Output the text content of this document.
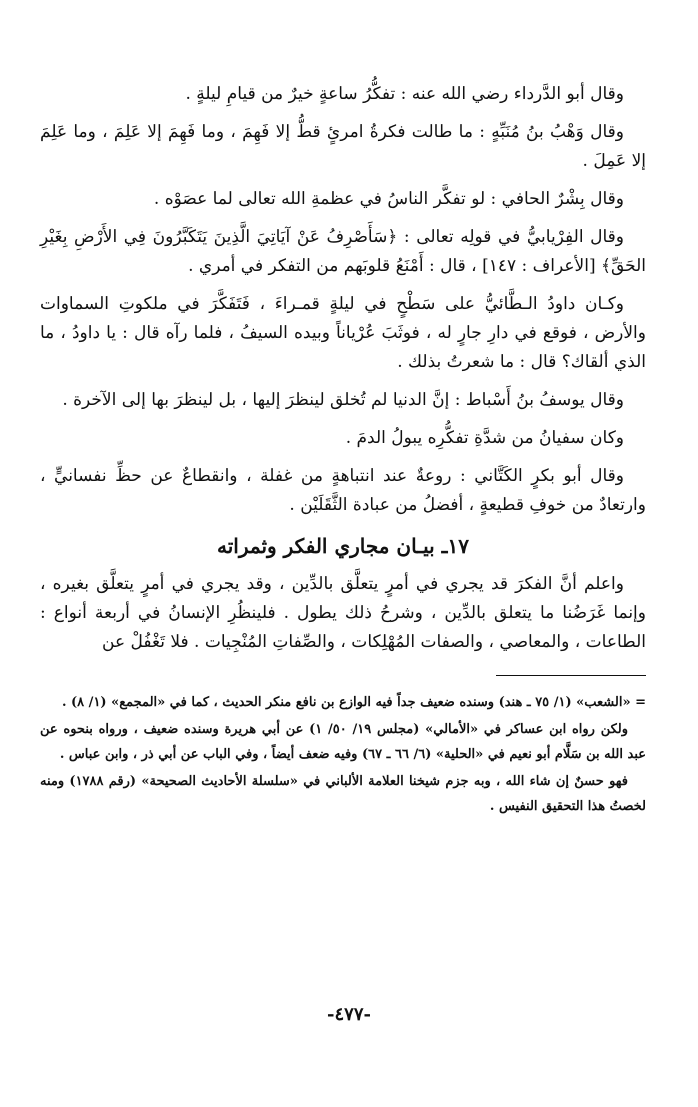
وقال أبو الدَّرداء رضي الله عنه : تفكُّرُ ساعةٍ خيرٌ من قيامِ ليلةٍ .

وقال وَهْبُ بنُ مُنَبِّهٍ : ما طالت فكرةُ امرئٍ قطُّ إلا فَهِمَ ، وما فَهِمَ إلا عَلِمَ ، وما عَلِمَ إلا عَمِلَ .

وقال بِشْرٌ الحافي : لو تفكَّر الناسُ في عظمةِ الله تعالى لما عصَوْه .

وقال الفِرْيابيُّ في قولِه تعالى : ﴿سَأَصْرِفُ عَنْ آيَاتِيَ الَّذِينَ يَتَكَبَّرُونَ فِي الأَرْضِ بِغَيْرِ الحَقِّ﴾ [الأعراف : ١٤٧] ، قال : أَمْنَعُ قلوبَهم من التفكر في أمري .

وكـان داودُ الـطَّائيُّ على سَطْحٍ في ليلةٍ قمـراءَ ، فَتَفَكَّرَ في ملكوتِ السماوات والأرض ، فوقع في دارِ جارٍ له ، فوثَبَ عُرْياناً وبيده السيفُ ، فلما رآه قال : يا داودُ ، ما الذي ألقاك؟ قال : ما شعرتُ بذلك .

وقال يوسفُ بنُ أَسْباط : إنَّ الدنيا لم تُخلق لينظرَ إليها ، بل لينظرَ بها إلى الآخرة .

وكان سفيانُ من شدَّةِ تفكُّرِه يبولُ الدمَ .

وقال أبو بكرٍ الكَتَّاني : روعةٌ عند انتباهةٍ من غفلة ، وانقطاعٌ عن حظِّ نفسانيٍّ ، وارتعادٌ من خوفِ قطيعةٍ ، أفضلُ من عبادة الثَّقَلَيْن .

١٧ـ بيـان مجاري الفكر وثمراته

واعلم أنَّ الفكرَ قد يجري في أمرٍ يتعلَّق بالدِّين ، وقد يجري في أمرٍ يتعلَّق بغيره ، وإنما غَرَضُنا ما يتعلق بالدِّين ، وشرحُ ذلك يطول . فلينظُرِ الإنسانُ في أربعة أنواع : الطاعات ، والمعاصي ، والصفات المُهْلِكات ، والصِّفاتِ المُنْجِيات . فلا تَغْفُلْ عن

= «الشعب» (١/ ٧٥ ـ هند) وسنده ضعيف جداً فيه الوازع بن نافع منكر الحديث ، كما في «المجمع» (١/ ٨) .

ولكن رواه ابن عساكر في «الأمالي» (مجلس ١٩/ ٥٠/ ١) عن أبي هريرة وسنده ضعيف ، ورواه بنحوه عن عبد الله بن سَلَّام أبو نعيم في «الحلية» (٦/ ٦٦ ـ ٦٧) وفيه ضعف أيضاً ، وفي الباب عن أبي ذر ، وابن عباس .

فهو حسنٌ إن شاء الله ، وبه جزم شيخنا العلامة الألباني في «سلسلة الأحاديث الصحيحة» (رقم ١٧٨٨) ومنه لخصتُ هذا التحقيق النفيس .

-٤٧٧-
